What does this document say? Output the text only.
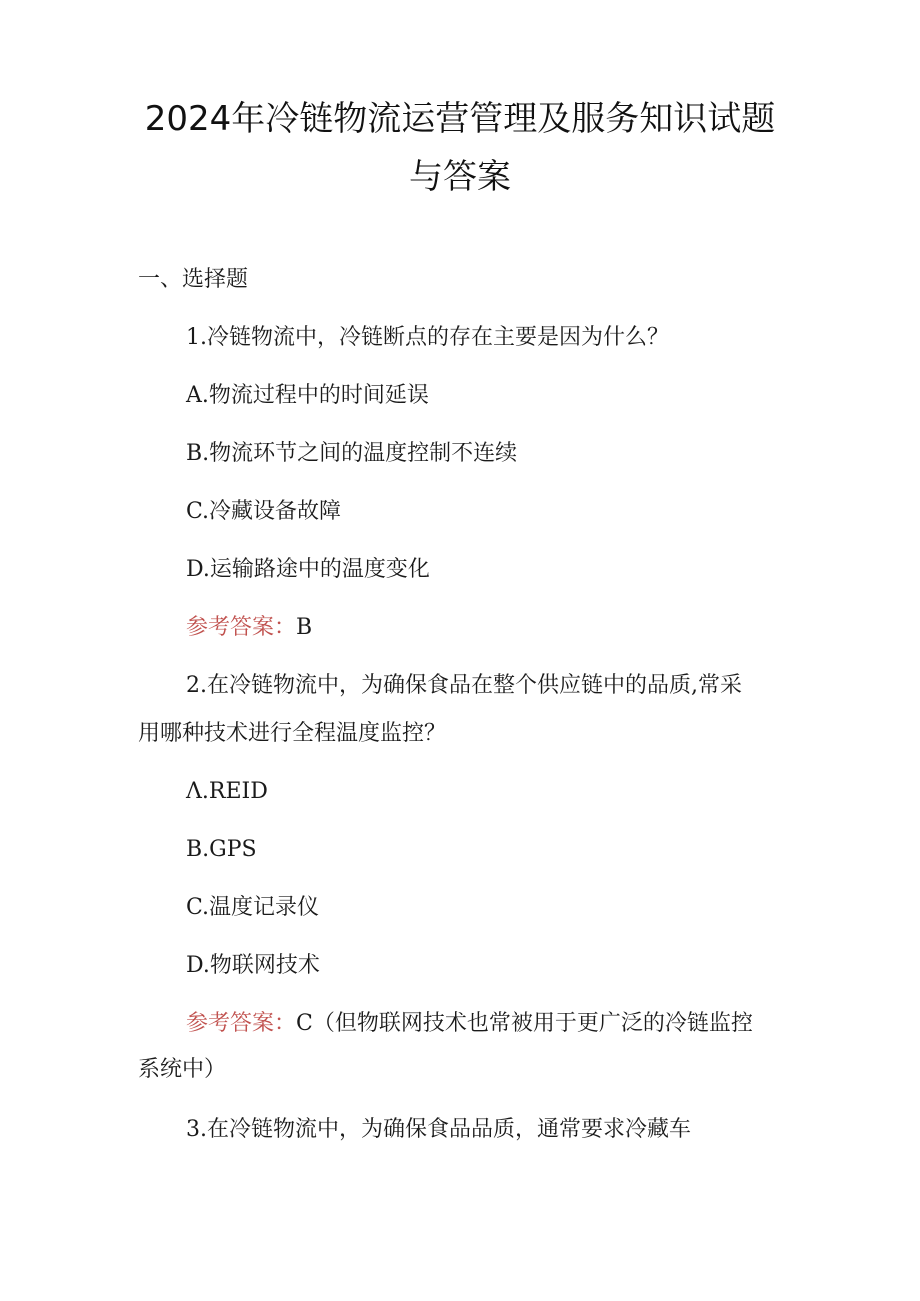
2024年冷链物流运营管理及服务知识试题
与答案
一、选择题
1.冷链物流中，冷链断点的存在主要是因为什么？
A.物流过程中的时间延误
B.物流环节之间的温度控制不连续
C.冷藏设备故障
D.运输路途中的温度变化
参考答案：B
2.在冷链物流中，为确保食品在整个供应链中的品质,常采
用哪种技术进行全程温度监控？
Λ.REID
B.GPS
C.温度记录仪
D.物联网技术
参考答案：C（但物联网技术也常被用于更广泛的冷链监控
系统中）
3.在冷链物流中，为确保食品品质，通常要求冷藏车
